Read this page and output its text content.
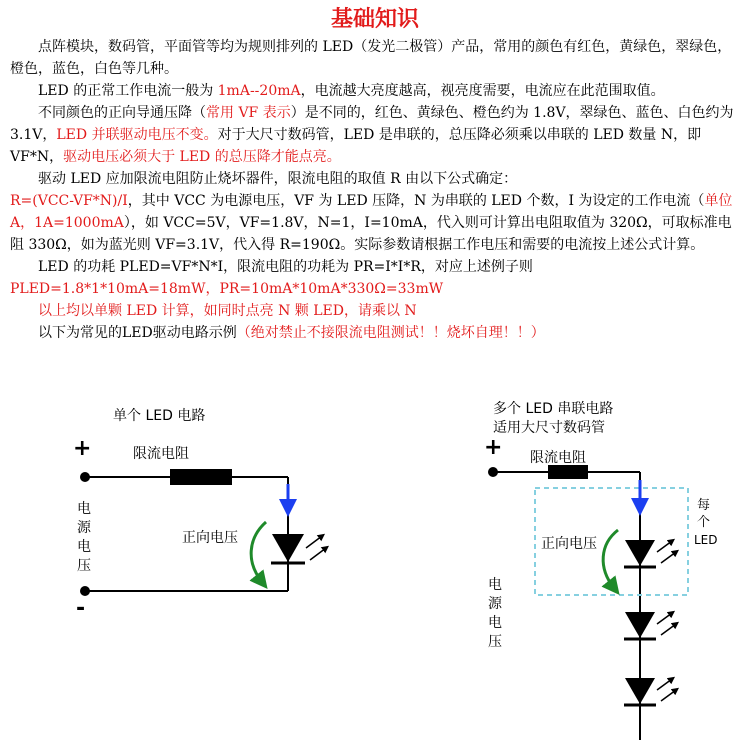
基础知识

点阵模块，数码管，平面管等均为规则排列的 LED（发光二极管）产品，常用的颜色有红色，黄绿色，翠绿色，橙色，蓝色，白色等几种。

LED 的正常工作电流一般为 1mA--20mA，电流越大亮度越高，视亮度需要，电流应在此范围取值。

不同颜色的正向导通压降（常用 VF 表示）是不同的，红色、黄绿色、橙色约为 1.8V，翠绿色、蓝色、白色约为 3.1V，LED 并联驱动电压不变。对于大尺寸数码管，LED 是串联的，总压降必须乘以串联的 LED 数量 N，即 VF*N，驱动电压必须大于 LED 的总压降才能点亮。

驱动 LED 应加限流电阻防止烧坏器件，限流电阻的取值 R 由以下公式确定：
R=(VCC-VF*N)/I，其中 VCC 为电源电压，VF 为 LED 压降，N 为串联的 LED 个数，I 为设定的工作电流（单位 A，1A=1000mA），如 VCC=5V，VF=1.8V，N=1，I=10mA，代入则可计算出电阻取值为 320Ω，可取标准电阻 330Ω，如为蓝光则 VF=3.1V，代入得 R=190Ω。实际参数请根据工作电压和需要的电流按上述公式计算。

LED 的功耗 PLED=VF*N*I，限流电阻的功耗为 PR=I*I*R，对应上述例子则

PLED=1.8*1*10mA=18mW，PR=10mA*10mA*330Ω=33mW

以上均以单颗 LED 计算，如同时点亮 N 颗 LED，请乘以 N

以下为常见的LED驱动电路示例（绝对禁止不接限流电阻测试！！烧坏自理！！）

单个 LED 电路
+
-
限流电阻
电源电压
正向电压
多个 LED 串联电路
适用大尺寸数码管
+ 限流电阻
正向电压
电源电压
每个
LED
